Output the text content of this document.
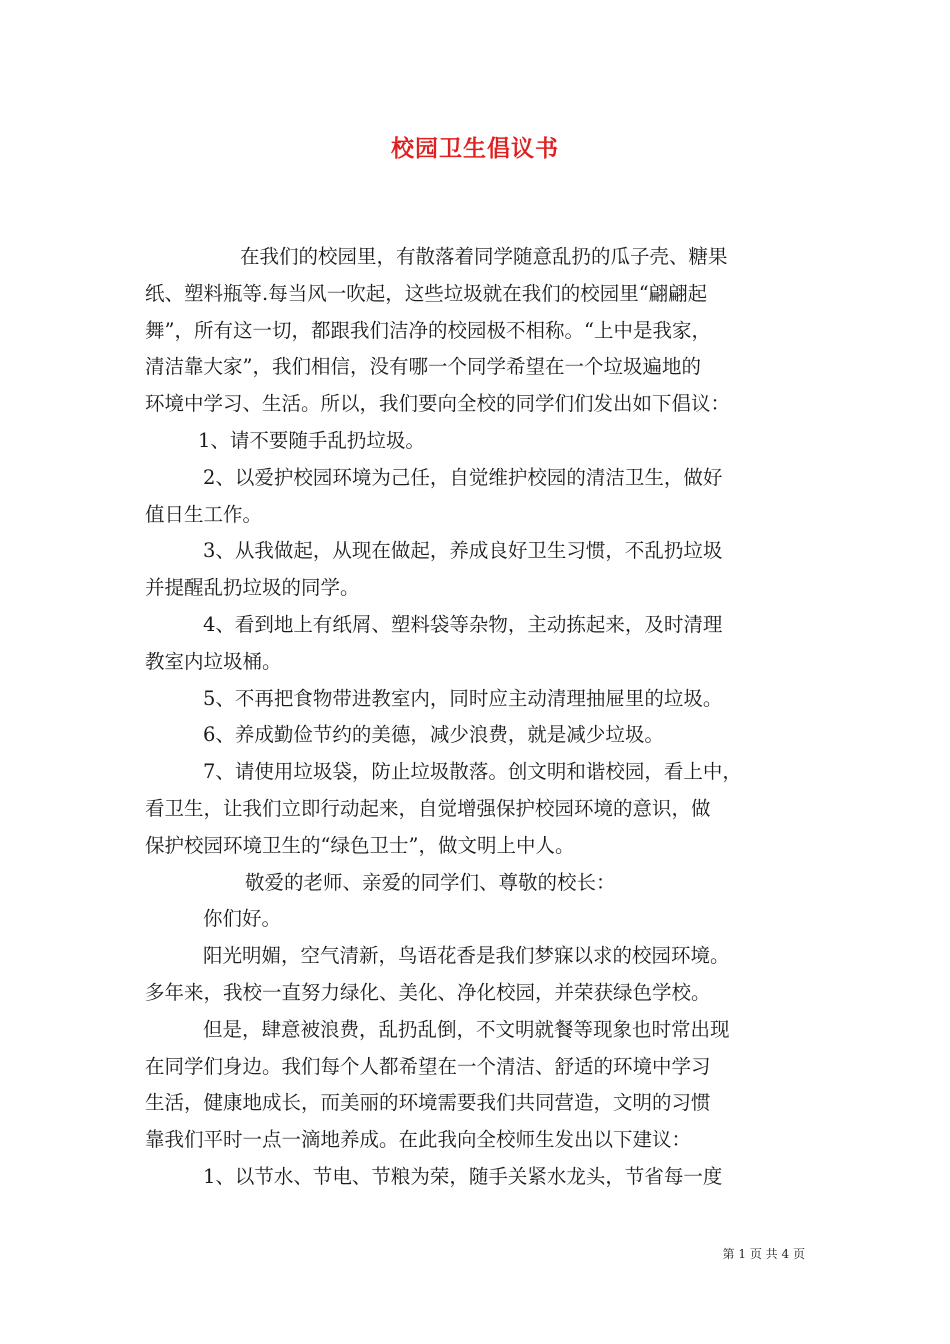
校园卫生倡议书
在我们的校园里，有散落着同学随意乱扔的瓜子壳、糖果
纸、塑料瓶等.每当风一吹起，这些垃圾就在我们的校园里“翩翩起
舞”，所有这一切，都跟我们洁净的校园极不相称。“上中是我家，
清洁靠大家”，我们相信，没有哪一个同学希望在一个垃圾遍地的
环境中学习、生活。所以，我们要向全校的同学们们发出如下倡议：
1、请不要随手乱扔垃圾。
2、以爱护校园环境为己任，自觉维护校园的清洁卫生，做好
值日生工作。
3、从我做起，从现在做起，养成良好卫生习惯，不乱扔垃圾
并提醒乱扔垃圾的同学。
4、看到地上有纸屑、塑料袋等杂物，主动拣起来，及时清理
教室内垃圾桶。
5、不再把食物带进教室内，同时应主动清理抽屉里的垃圾。
6、养成勤俭节约的美德，减少浪费，就是减少垃圾。
7、请使用垃圾袋，防止垃圾散落。创文明和谐校园，看上中，
看卫生，让我们立即行动起来，自觉增强保护校园环境的意识，做
保护校园环境卫生的“绿色卫士”，做文明上中人。
敬爱的老师、亲爱的同学们、尊敬的校长：
你们好。
阳光明媚，空气清新，鸟语花香是我们梦寐以求的校园环境。
多年来，我校一直努力绿化、美化、净化校园，并荣获绿色学校。
但是，肆意被浪费，乱扔乱倒，不文明就餐等现象也时常出现
在同学们身边。我们每个人都希望在一个清洁、舒适的环境中学习
生活，健康地成长，而美丽的环境需要我们共同营造，文明的习惯
靠我们平时一点一滴地养成。在此我向全校师生发出以下建议：
1、以节水、节电、节粮为荣，随手关紧水龙头，节省每一度
第 1 页 共 4 页
